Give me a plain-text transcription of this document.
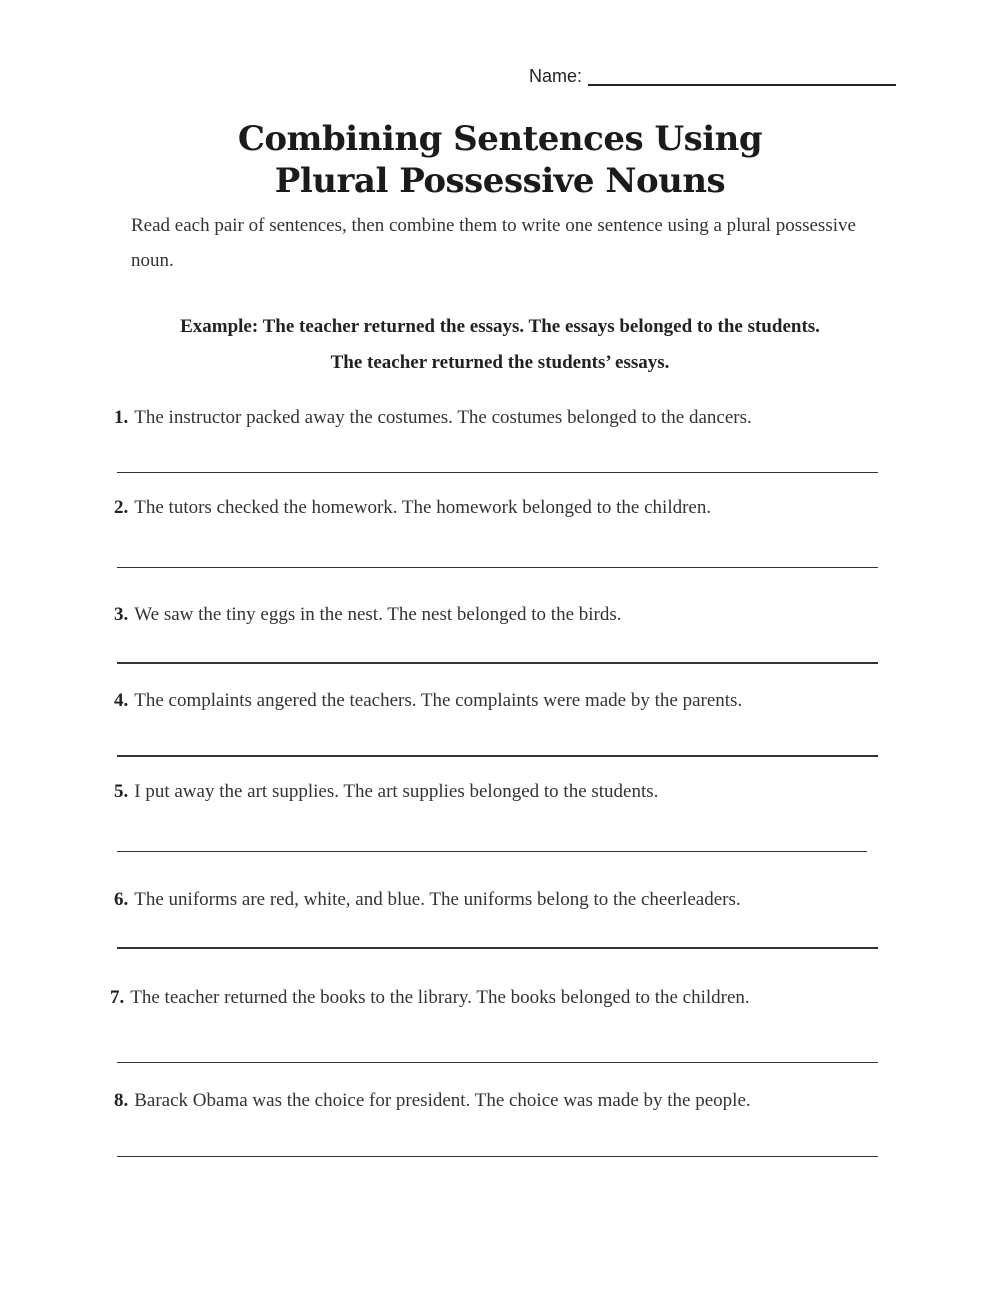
Name:
Combining Sentences Using
Plural Possessive Nouns
Read each pair of sentences, then combine them to write one sentence using a plural possessive noun.
Example: The teacher returned the essays. The essays belonged to the students.
The teacher returned the students’ essays.
1. The instructor packed away the costumes. The costumes belonged to the dancers.
2. The tutors checked the homework. The homework belonged to the children.
3. We saw the tiny eggs in the nest. The nest belonged to the birds.
4. The complaints angered the teachers. The complaints were made by the parents.
5. I put away the art supplies. The art supplies belonged to the students.
6. The uniforms are red, white, and blue. The uniforms belong to the cheerleaders.
7. The teacher returned the books to the library. The books belonged to the children.
8. Barack Obama was the choice for president. The choice was made by the people.
